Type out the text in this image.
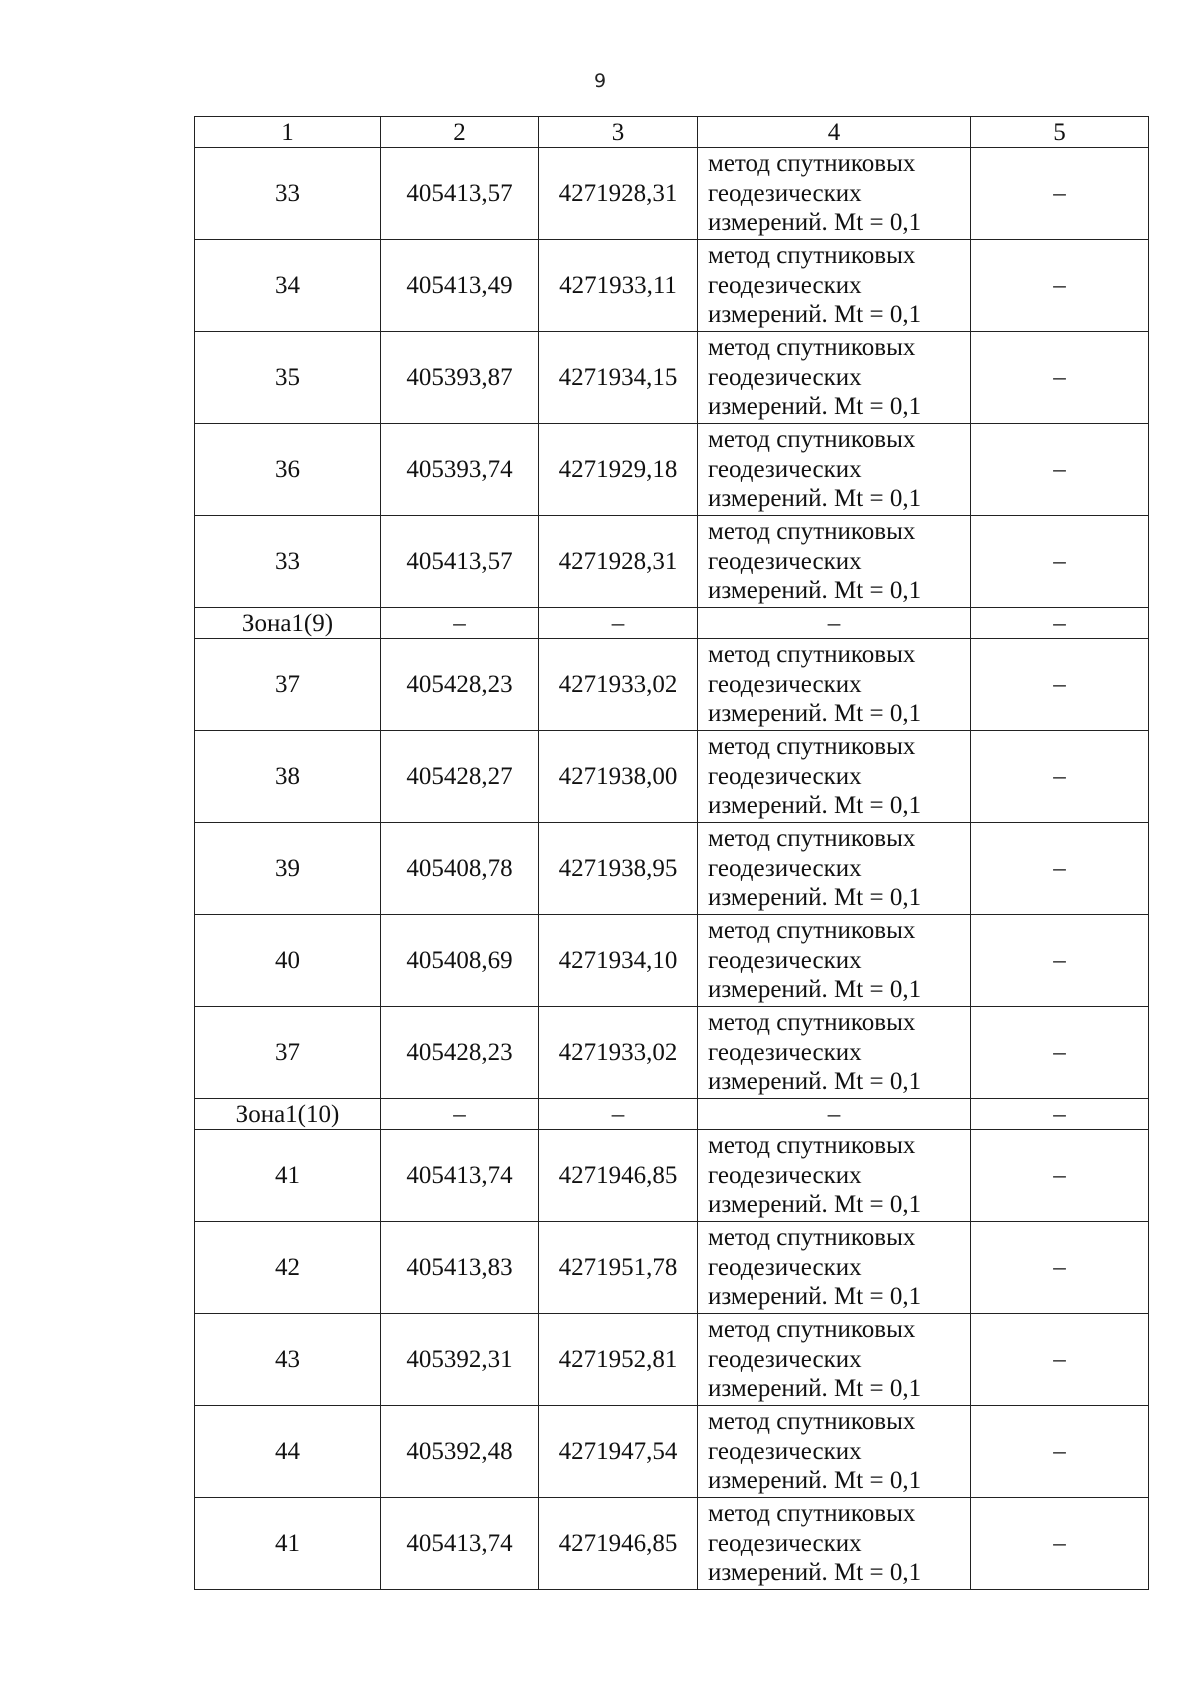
9
1	2	3	4	5
33	405413,57	4271928,31	метод спутниковых
геодезических
измерений. Mt = 0,1	–
34	405413,49	4271933,11	метод спутниковых
геодезических
измерений. Mt = 0,1	–
35	405393,87	4271934,15	метод спутниковых
геодезических
измерений. Mt = 0,1	–
36	405393,74	4271929,18	метод спутниковых
геодезических
измерений. Mt = 0,1	–
33	405413,57	4271928,31	метод спутниковых
геодезических
измерений. Mt = 0,1	–
Зона1(9)	–	–	–	–
37	405428,23	4271933,02	метод спутниковых
геодезических
измерений. Mt = 0,1	–
38	405428,27	4271938,00	метод спутниковых
геодезических
измерений. Mt = 0,1	–
39	405408,78	4271938,95	метод спутниковых
геодезических
измерений. Mt = 0,1	–
40	405408,69	4271934,10	метод спутниковых
геодезических
измерений. Mt = 0,1	–
37	405428,23	4271933,02	метод спутниковых
геодезических
измерений. Mt = 0,1	–
Зона1(10)	–	–	–	–
41	405413,74	4271946,85	метод спутниковых
геодезических
измерений. Mt = 0,1	–
42	405413,83	4271951,78	метод спутниковых
геодезических
измерений. Mt = 0,1	–
43	405392,31	4271952,81	метод спутниковых
геодезических
измерений. Mt = 0,1	–
44	405392,48	4271947,54	метод спутниковых
геодезических
измерений. Mt = 0,1	–
41	405413,74	4271946,85	метод спутниковых
геодезических
измерений. Mt = 0,1	–
